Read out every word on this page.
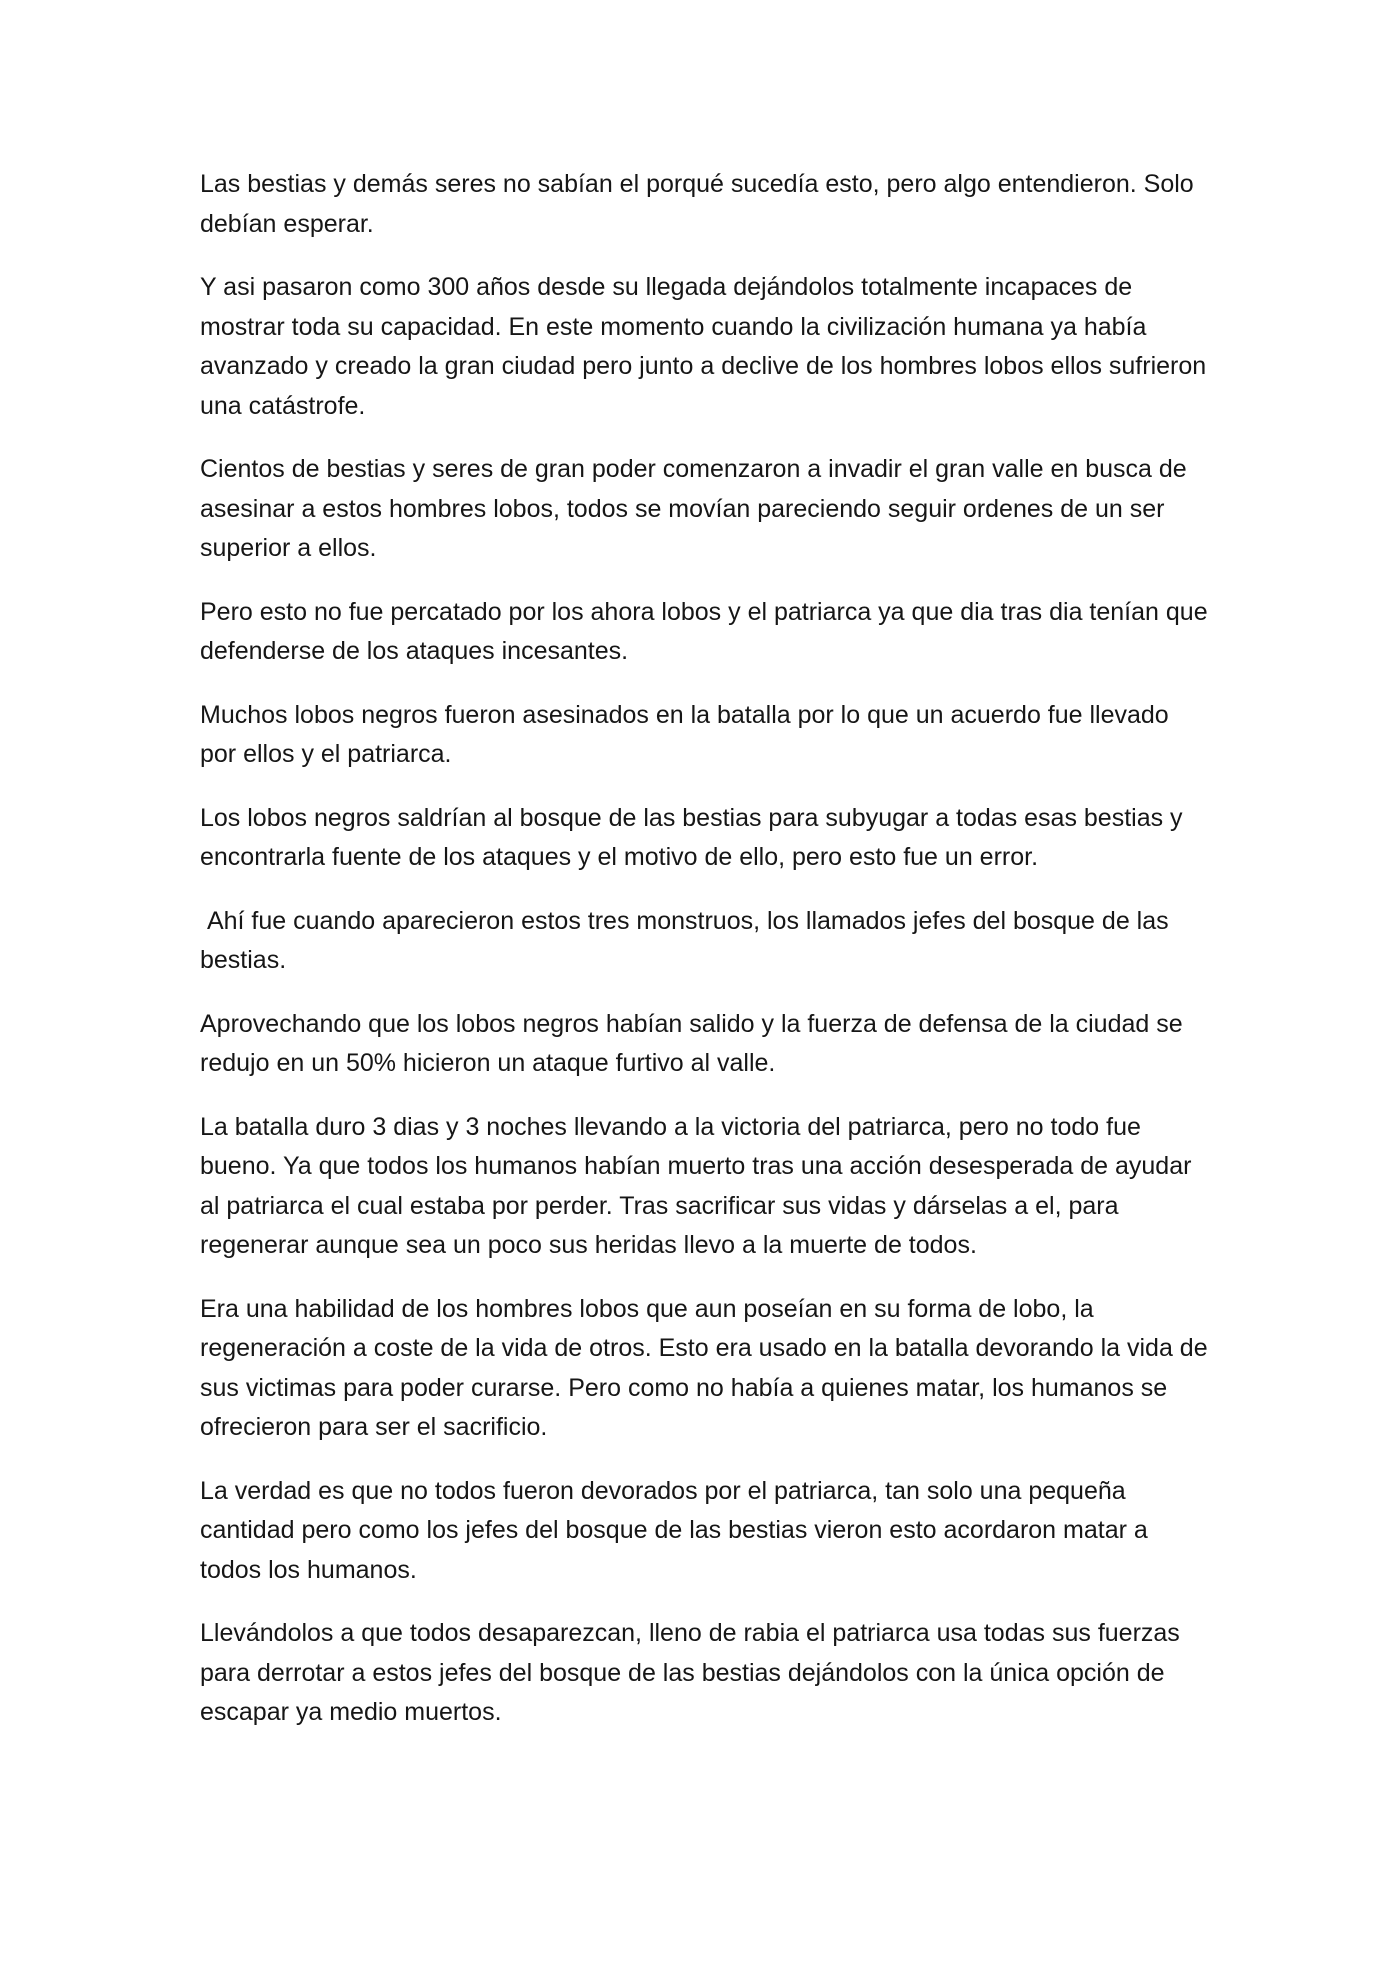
Las bestias y demás seres no sabían el porqué sucedía esto, pero algo entendieron. Solo debían esperar.

Y asi pasaron como 300 años desde su llegada dejándolos totalmente incapaces de mostrar toda su capacidad. En este momento cuando la civilización humana ya había avanzado y creado la gran ciudad pero junto a declive de los hombres lobos ellos sufrieron una catástrofe.

Cientos de bestias y seres de gran poder comenzaron a invadir el gran valle en busca de asesinar a estos hombres lobos, todos se movían pareciendo seguir ordenes de un ser superior a ellos.

Pero esto no fue percatado por los ahora lobos y el patriarca ya que dia tras dia tenían que defenderse de los ataques incesantes.

Muchos lobos negros fueron asesinados en la batalla por lo que un acuerdo fue llevado por ellos y el patriarca.

Los lobos negros saldrían al bosque de las bestias para subyugar a todas esas bestias y encontrarla fuente de los ataques y el motivo de ello, pero esto fue un error.

Ahí fue cuando aparecieron estos tres monstruos, los llamados jefes del bosque de las bestias.

Aprovechando que los lobos negros habían salido y la fuerza de defensa de la ciudad se redujo en un 50% hicieron un ataque furtivo al valle.

La batalla duro 3 dias y 3 noches llevando a la victoria del patriarca, pero no todo fue bueno. Ya que todos los humanos habían muerto tras una acción desesperada de ayudar al patriarca el cual estaba por perder. Tras sacrificar sus vidas y dárselas a el, para regenerar aunque sea un poco sus heridas llevo a la muerte de todos.

Era una habilidad de los hombres lobos que aun poseían en su forma de lobo, la regeneración a coste de la vida de otros. Esto era usado en la batalla devorando la vida de sus victimas para poder curarse. Pero como no había a quienes matar, los humanos se ofrecieron para ser el sacrificio.

La verdad es que no todos fueron devorados por el patriarca, tan solo una pequeña cantidad pero como los jefes del bosque de las bestias vieron esto acordaron matar a todos los humanos.

Llevándolos a que todos desaparezcan, lleno de rabia el patriarca usa todas sus fuerzas para derrotar a estos jefes del bosque de las bestias dejándolos con la única opción de escapar ya medio muertos.
